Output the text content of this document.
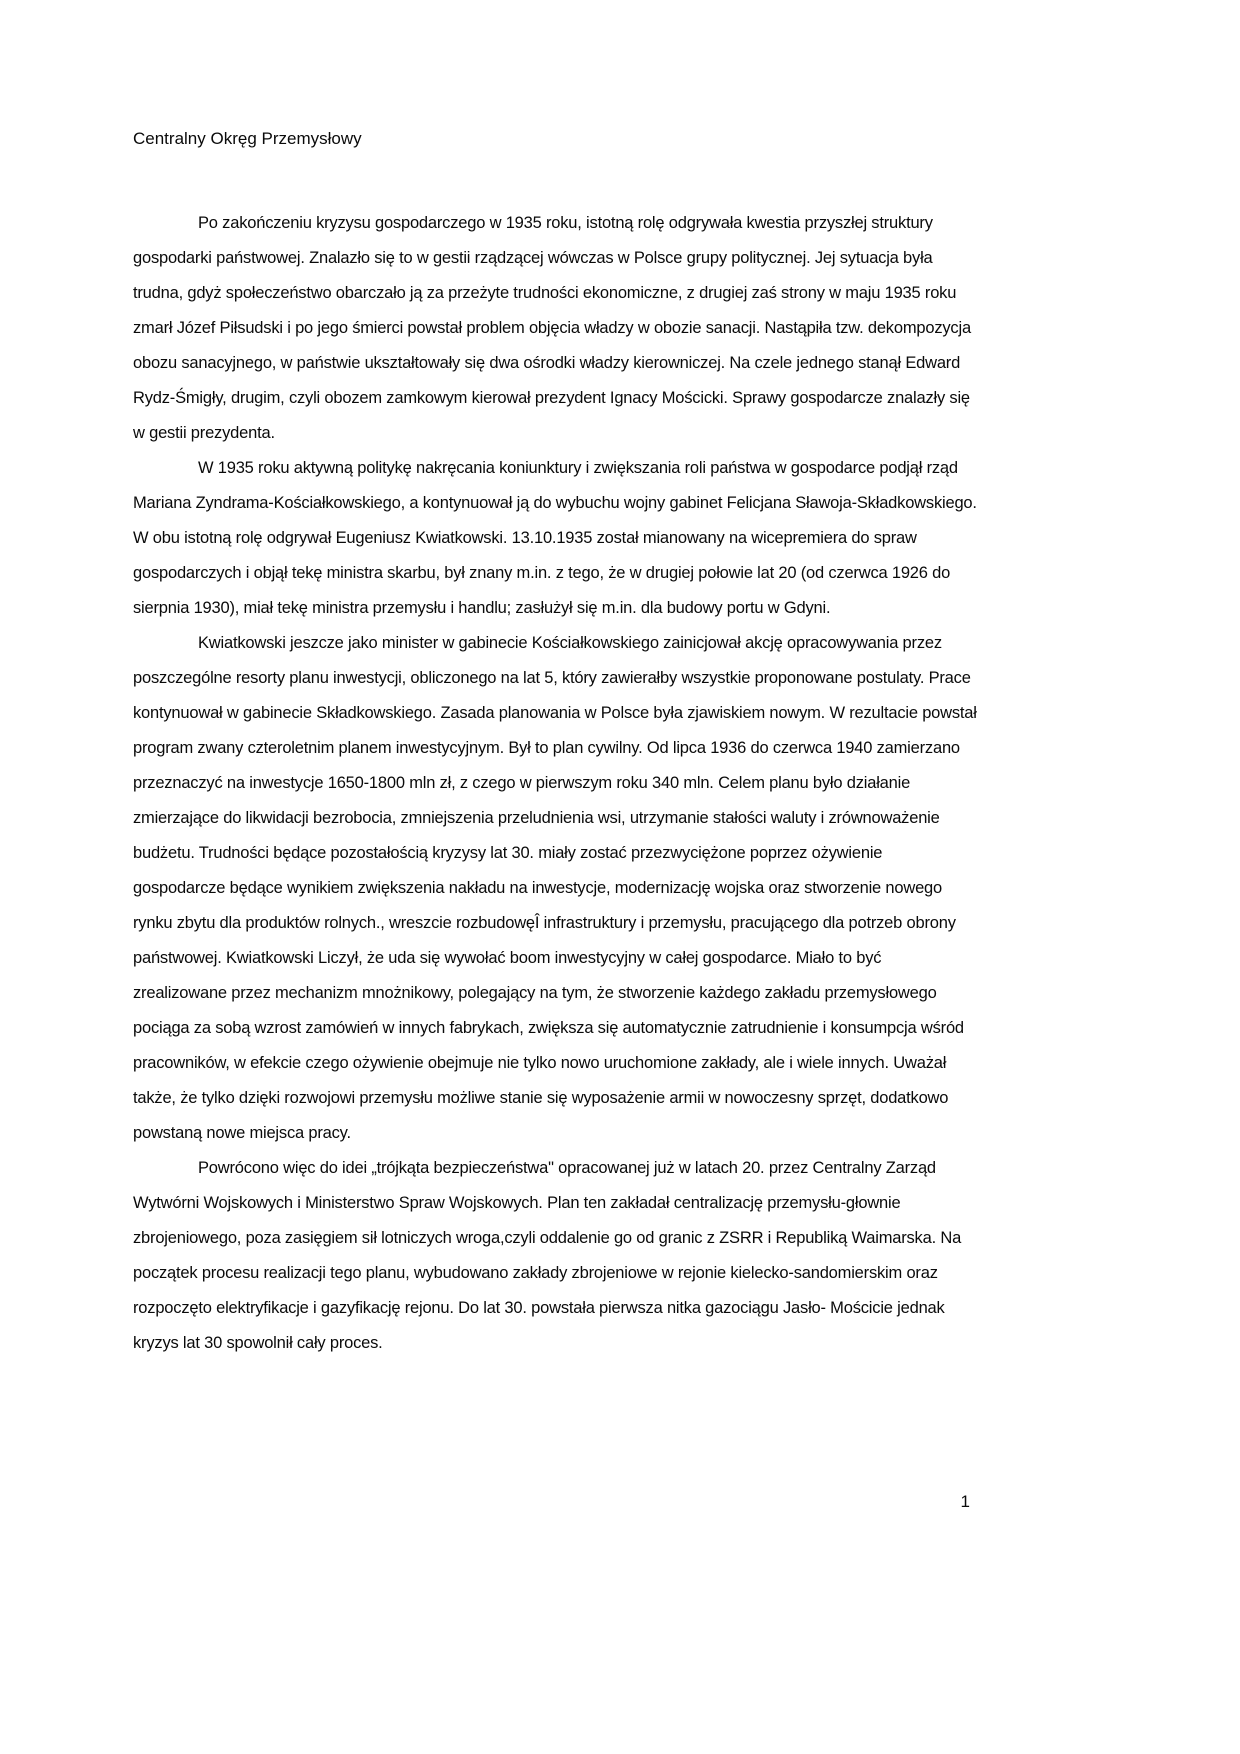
Centralny Okręg Przemysłowy

Po zakończeniu kryzysu gospodarczego w 1935 roku, istotną rolę odgrywała kwestia przyszłej struktury gospodarki państwowej. Znalazło się to w gestii rządzącej wówczas w Polsce grupy politycznej. Jej sytuacja była trudna, gdyż społeczeństwo obarczało ją za przeżyte trudności ekonomiczne, z drugiej zaś strony w maju 1935 roku zmarł Józef Piłsudski i po jego śmierci powstał problem objęcia władzy w obozie sanacji. Nastąpiła tzw. dekompozycja obozu sanacyjnego, w państwie ukształtowały się dwa ośrodki władzy kierowniczej. Na czele jednego stanął Edward Rydz-Śmigły, drugim, czyli obozem zamkowym kierował prezydent Ignacy Mościcki. Sprawy gospodarcze znalazły się w gestii prezydenta.

W 1935 roku aktywną politykę nakręcania koniunktury i zwiększania roli państwa w gospodarce podjął rząd Mariana Zyndrama-Kościałkowskiego, a kontynuował ją do wybuchu wojny gabinet Felicjana Sławoja-Składkowskiego. W obu istotną rolę odgrywał Eugeniusz Kwiatkowski. 13.10.1935 został mianowany na wicepremiera do spraw gospodarczych i objął tekę ministra skarbu, był znany m.in. z tego, że w drugiej połowie lat 20 (od czerwca 1926 do sierpnia 1930), miał tekę ministra przemysłu i handlu; zasłużył się m.in. dla budowy portu w Gdyni.

Kwiatkowski jeszcze jako minister w gabinecie Kościałkowskiego zainicjował akcję opracowywania przez poszczególne resorty planu inwestycji, obliczonego na lat 5, który zawierałby wszystkie proponowane postulaty. Prace kontynuował w gabinecie Składkowskiego. Zasada planowania w Polsce była zjawiskiem nowym. W rezultacie powstał program zwany czteroletnim planem inwestycyjnym. Był to plan cywilny. Od lipca 1936 do czerwca 1940 zamierzano przeznaczyć na inwestycje 1650-1800 mln zł, z czego w pierwszym roku 340 mln. Celem planu było działanie zmierzające do likwidacji bezrobocia, zmniejszenia przeludnienia wsi, utrzymanie stałości waluty i zrównoważenie budżetu. Trudności będące pozostałością kryzysy lat 30. miały zostać przezwyciężone poprzez ożywienie gospodarcze będące wynikiem zwiększenia nakładu na inwestycje, modernizację wojska oraz stworzenie nowego rynku zbytu dla produktów rolnych., wreszcie rozbudowęÎ infrastruktury i przemysłu, pracującego dla potrzeb obrony państwowej. Kwiatkowski Liczył, że uda się wywołać boom inwestycyjny w całej gospodarce. Miało to być zrealizowane przez mechanizm mnożnikowy, polegający na tym, że stworzenie każdego zakładu przemysłowego pociąga za sobą wzrost zamówień w innych fabrykach, zwiększa się automatycznie zatrudnienie i konsumpcja wśród pracowników, w efekcie czego ożywienie obejmuje nie tylko nowo uruchomione zakłady, ale i wiele innych. Uważał także, że tylko dzięki rozwojowi przemysłu możliwe stanie się wyposażenie armii w nowoczesny sprzęt, dodatkowo powstaną nowe miejsca pracy.

Powrócono więc do idei „trójkąta bezpieczeństwa" opracowanej już w latach 20. przez Centralny Zarząd Wytwórni Wojskowych i Ministerstwo Spraw Wojskowych. Plan ten zakładał centralizację przemysłu-głownie zbrojeniowego, poza zasięgiem sił lotniczych wroga,czyli oddalenie go od granic z ZSRR i Republiką Waimarska. Na początek procesu realizacji tego planu, wybudowano zakłady zbrojeniowe w rejonie kielecko-sandomierskim oraz rozpoczęto elektryfikacje i gazyfikację rejonu. Do lat 30. powstała pierwsza nitka gazociągu Jasło- Mościcie jednak kryzys lat 30 spowolnił cały proces.

1
